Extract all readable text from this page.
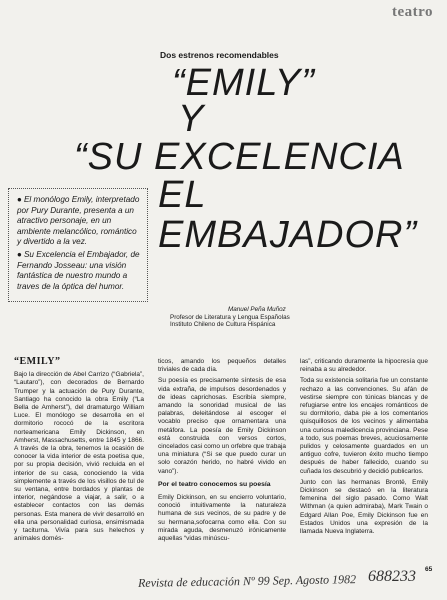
teatro
Dos estrenos recomendables
“EMILY”
Y
“SU EXCELENCIA
EL
EMBAJADOR”

● El monólogo Emily, interpretado por Pury Durante, presenta a un atractivo personaje, en un ambiente melancólico, romántico y divertido a la vez.

● Su Excelencia el Embajador, de Fernando Josseau: una visión fantástica de nuestro mundo a traves de la óptica del humor.

Manuel Peña Muñoz
Profesor de Literatura y Lengua Españolas
Instituto Chileno de Cultura Hispánica
“EMILY”

Bajo la dirección de Abel Carrizo (“Gabriela”, “Lautaro”), con decorados de Bernardo Trumper y la actuación de Pury Durante, Santiago ha conocido la obra Emily (“La Bella de Amherst”), del dramaturgo William Luce. El monólogo se desarrolla en el dormitorio rococó de la escritora norteamericana Emily Dickinson, en Amherst, Massachusetts, entre 1845 y 1866. A través de la obra, tenemos la ocasión de conocer la vida interior de esta poetisa que, por su propia decisión, vivió recluida en el interior de su casa, conociendo la vida simplemente a través de los visillos de tul de su ventana, entre bordados y plantas de interior, negándose a viajar, a salir, o a establecer contactos con las demás personas. Esta manera de vivir desarrolló en ella una personalidad curiosa, ensimismada y taciturna. Vivía para sus helechos y animales domés-

ticos, amando los pequeños detalles triviales de cada día.

Su poesía es precisamente síntesis de esa vida extraña, de impulsos desordenados y de ideas caprichosas. Escribía siempre, amando la sonoridad musical de las palabras, deleitándose al escoger el vocablo preciso que ornamentara una metáfora. La poesía de Emily Dickinson está construida con versos cortos, cincelados casi como un orfebre que trabaja una miniatura (“Si se que puedo curar un solo corazón herido, no habré vivido en vano”).

Por el teatro conocemos su poesía

Emily Dickinson, en su encierro voluntario, conoció intuitivamente la naturaleza humana de sus vecinos, de su padre y de su hermana,sofocarna como ella. Con su mirada aguda, desmenuzó irónicamente aquellas “vidas minúscu-

las”, criticando duramente la hipocresía que reinaba a su alrededor.

Toda su existencia solitaria fue un constante rechazo a las convenciones. Su afán de vestirse siempre con túnicas blancas y de refugiarse entre los encajes románticos de su dormitorio, daba pie a los comentarios quisquillosos de los vecinos y alimentaba una curiosa maledicencia provinciana. Pese a todo, sus poemas breves, acuciosamente pulidos y celosamente guardados en un antiguo cofre, tuvieron éxito mucho tiempo después de haber fallecido, cuando su cuñada los descubrió y decidió publicarlos.

Junto con las hermanas Brontë, Emily Dickinson se destacó en la literatura femenina del siglo pasado. Como Walt Withman (a quien admiraba), Mark Twain o Edgard Allan Poe, Emily Dickinson fue en Estados Unidos una expresión de la llamada Nueva Inglaterra.

Revista de educación Nº 99 Sep. Agosto 1982 688233 65
